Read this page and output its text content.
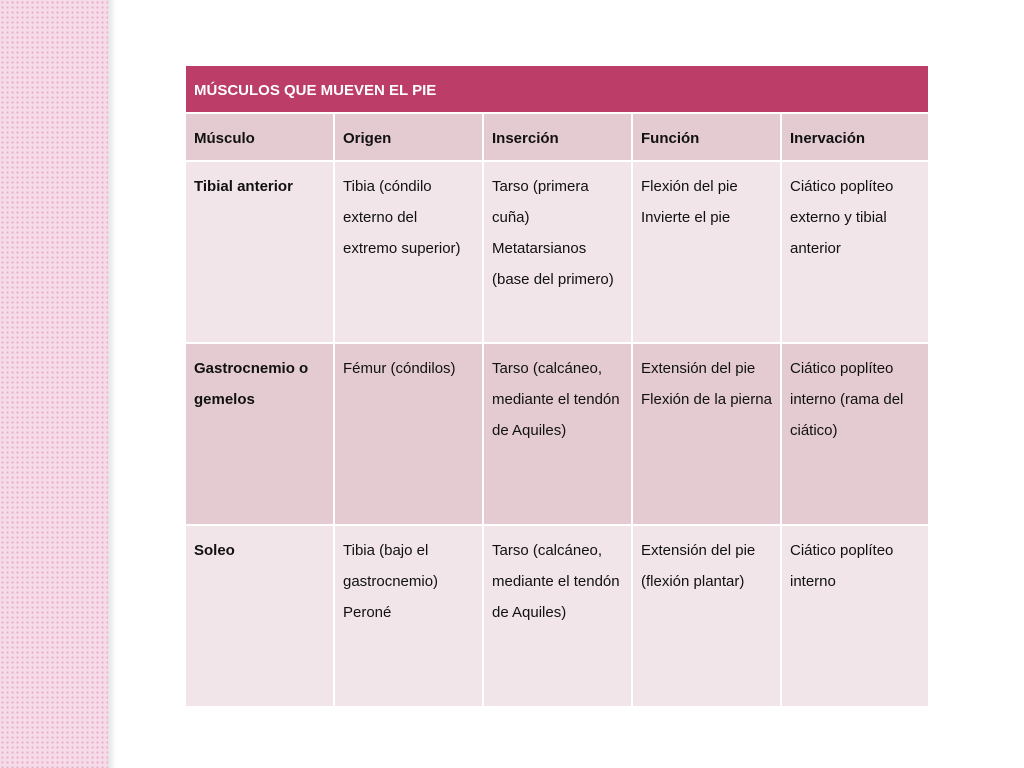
MÚSCULOS QUE MUEVEN EL PIE				
Músculo	Origen	Inserción	Función	Inervación
Tibial anterior	Tibia (cóndilo externo del extremo superior)	Tarso (primera cuña) Metatarsianos (base del primero)	Flexión del pie Invierte el pie	Ciático poplíteo externo y tibial anterior
Gastrocnemio o gemelos	Fémur (cóndilos)	Tarso (calcáneo, mediante el tendón de Aquiles)	Extensión del pie Flexión de la pierna	Ciático poplíteo interno (rama del ciático)
Soleo	Tibia (bajo el gastrocnemio) Peroné	Tarso (calcáneo, mediante el tendón de Aquiles)	Extensión del pie (flexión plantar)	Ciático poplíteo interno
